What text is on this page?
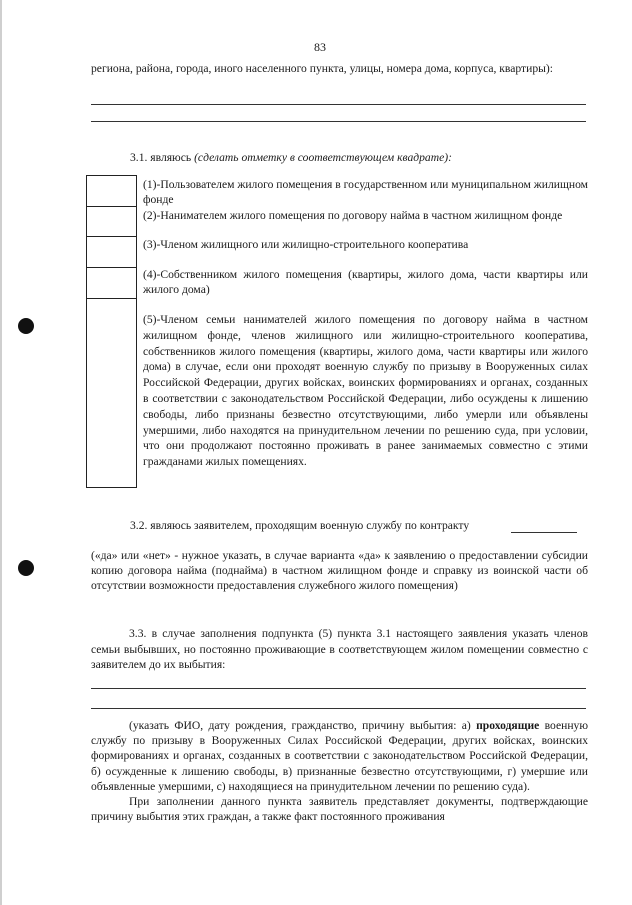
83
региона, района, города, иного населенного пункта, улицы, номера дома, корпуса, квартиры):
3.1. являюсь (сделать отметку в соответствующем квадрате):
(1)-Пользователем жилого помещения в государственном или муниципальном жилищном фонде
(2)-Нанимателем жилого помещения по договору найма в частном жилищном фонде
(3)-Членом жилищного или жилищно-строительного кооператива
(4)-Собственником жилого помещения (квартиры, жилого дома, части квартиры или жилого дома)
(5)-Членом семьи нанимателей жилого помещения по договору найма в частном жилищном фонде, членов жилищного или жилищно-строительного кооператива, собственников жилого помещения (квартиры, жилого дома, части квартиры или жилого дома) в случае, если они проходят военную службу по призыву в Вооруженных силах Российской Федерации, других войсках, воинских формированиях и органах, созданных в соответствии с законодательством Российской Федерации, либо осуждены к лишению свободы, либо признаны безвестно отсутствующими, либо умерли или объявлены умершими, либо находятся на принудительном лечении по решению суда, при условии, что они продолжают постоянно проживать в ранее занимаемых совместно с этими гражданами жилых помещениях.
3.2. являюсь заявителем, проходящим военную службу по контракту
(«да» или «нет» - нужное указать, в случае варианта «да» к заявлению о предоставлении субсидии копию договора найма (поднайма) в частном жилищном фонде и справку из воинской части об отсутствии возможности предоставления служебного жилого помещения)

3.3. в случае заполнения подпункта (5) пункта 3.1 настоящего заявления указать членов семьи выбывших, но постоянно проживающие в соответствующем жилом помещении совместно с заявителем до их выбытия:

(указать ФИО, дату рождения, гражданство, причину выбытия: а) проходящие военную службу по призыву в Вооруженных Силах Российской Федерации, других войсках, воинских формированиях и органах, созданных в соответствии с законодательством Российской Федерации, б) осужденные к лишению свободы, в) признанные безвестно отсутствующими, г) умершие или объявленные умершими, с) находящиеся на принудительном лечении по решению суда).

При заполнении данного пункта заявитель представляет документы, подтверждающие причину выбытия этих граждан, а также факт постоянного проживания
